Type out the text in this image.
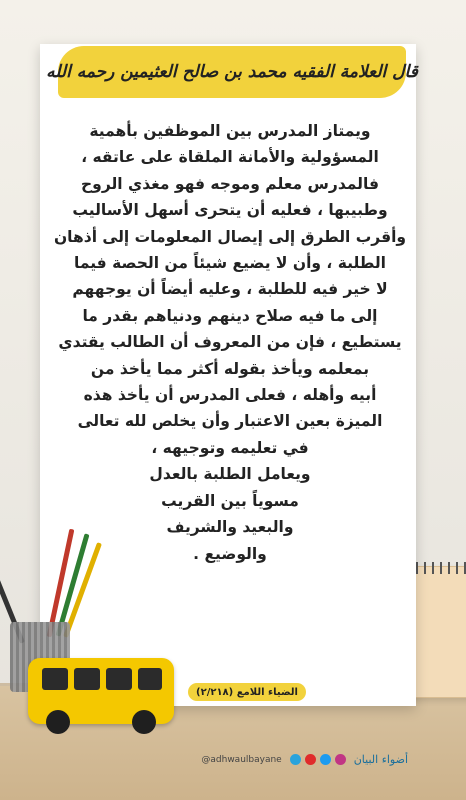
قال العلامة الفقيه محمد بن صالح العثيمين رحمه الله

ويمتاز المدرس بين الموظفين بأهمية

المسؤولية والأمانة الملقاة على عاتقه ،

فالمدرس معلم وموجه فهو مغذي الروح

وطبيبها ، فعليه أن يتحرى أسهل الأساليب

وأقرب الطرق إلى إيصال المعلومات إلى أذهان

الطلبة ، وأن لا يضيع شيئاً من الحصة فيما

لا خير فيه للطلبة ، وعليه أيضاً أن يوجههم

إلى ما فيه صلاح دينهم ودنياهم بقدر ما

يستطيع ، فإن من المعروف أن الطالب يقتدي

بمعلمه ويأخذ بقوله أكثر مما يأخذ من

أبيه وأهله ، فعلى المدرس أن يأخذ هذه

الميزة بعين الاعتبار وأن يخلص لله تعالى

في تعليمه وتوجيهه ،

ويعامل الطلبة بالعدل

مسوياً بين القريب

والبعيد والشريف

والوضيع .

الضياء اللامع (٢/٢١٨)
@adhwaulbayane	أضواء البيان
